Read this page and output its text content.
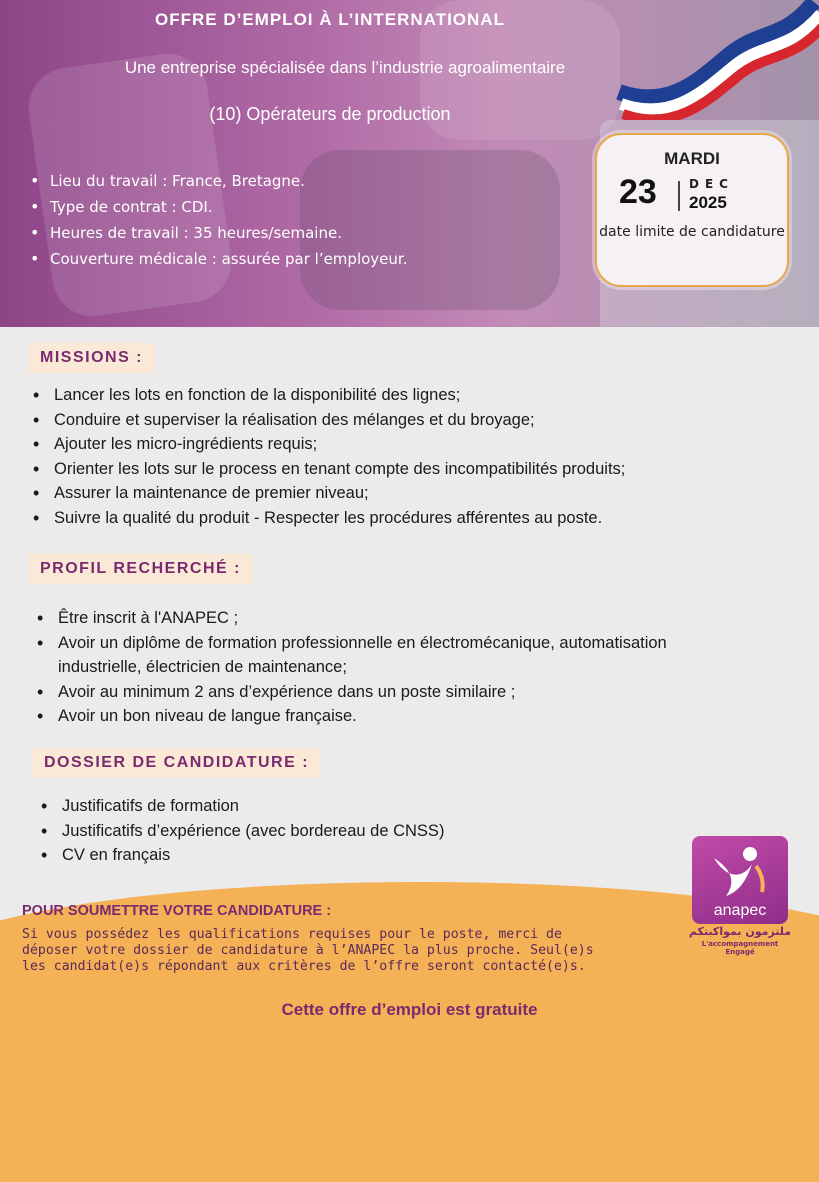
OFFRE D’EMPLOI À L’INTERNATIONAL
Une entreprise spécialisée dans l’industrie agroalimentaire
(10) Opérateurs de production
• Lieu du travail : France, Bretagne.
• Type de contrat : CDI.
• Heures de travail : 35 heures/semaine.
• Couverture médicale : assurée par l’employeur.
MARDI
23	DEC
2025
date limite de candidature
MISSIONS :
• Lancer les lots en fonction de la disponibilité des lignes;
• Conduire et superviser la réalisation des mélanges et du broyage;
• Ajouter les micro-ingrédients requis;
• Orienter les lots sur le process en tenant compte des incompatibilités produits;
• Assurer la maintenance de premier niveau;
• Suivre la qualité du produit - Respecter les procédures afférentes au poste.
PROFIL RECHERCHÉ :
• Être inscrit à l'ANAPEC ;
• Avoir un diplôme de formation professionnelle en électromécanique, automatisation industrielle, électricien de maintenance;
• Avoir au minimum 2 ans d’expérience dans un poste similaire ;
• Avoir un bon niveau de langue française.
DOSSIER DE CANDIDATURE :
• Justificatifs de formation
• Justificatifs d’expérience (avec bordereau de CNSS)
• CV en français
anapec
ملتزمون بمواكبتكم
L'accompagnement Engagé
POUR SOUMETTRE VOTRE CANDIDATURE :
Si vous possédez les qualifications requises pour le poste, merci de déposer votre dossier de candidature à l’ANAPEC la plus proche. Seul(e)s les candidat(e)s répondant aux critères de l’offre seront contacté(e)s.
Cette offre d’emploi est gratuite
